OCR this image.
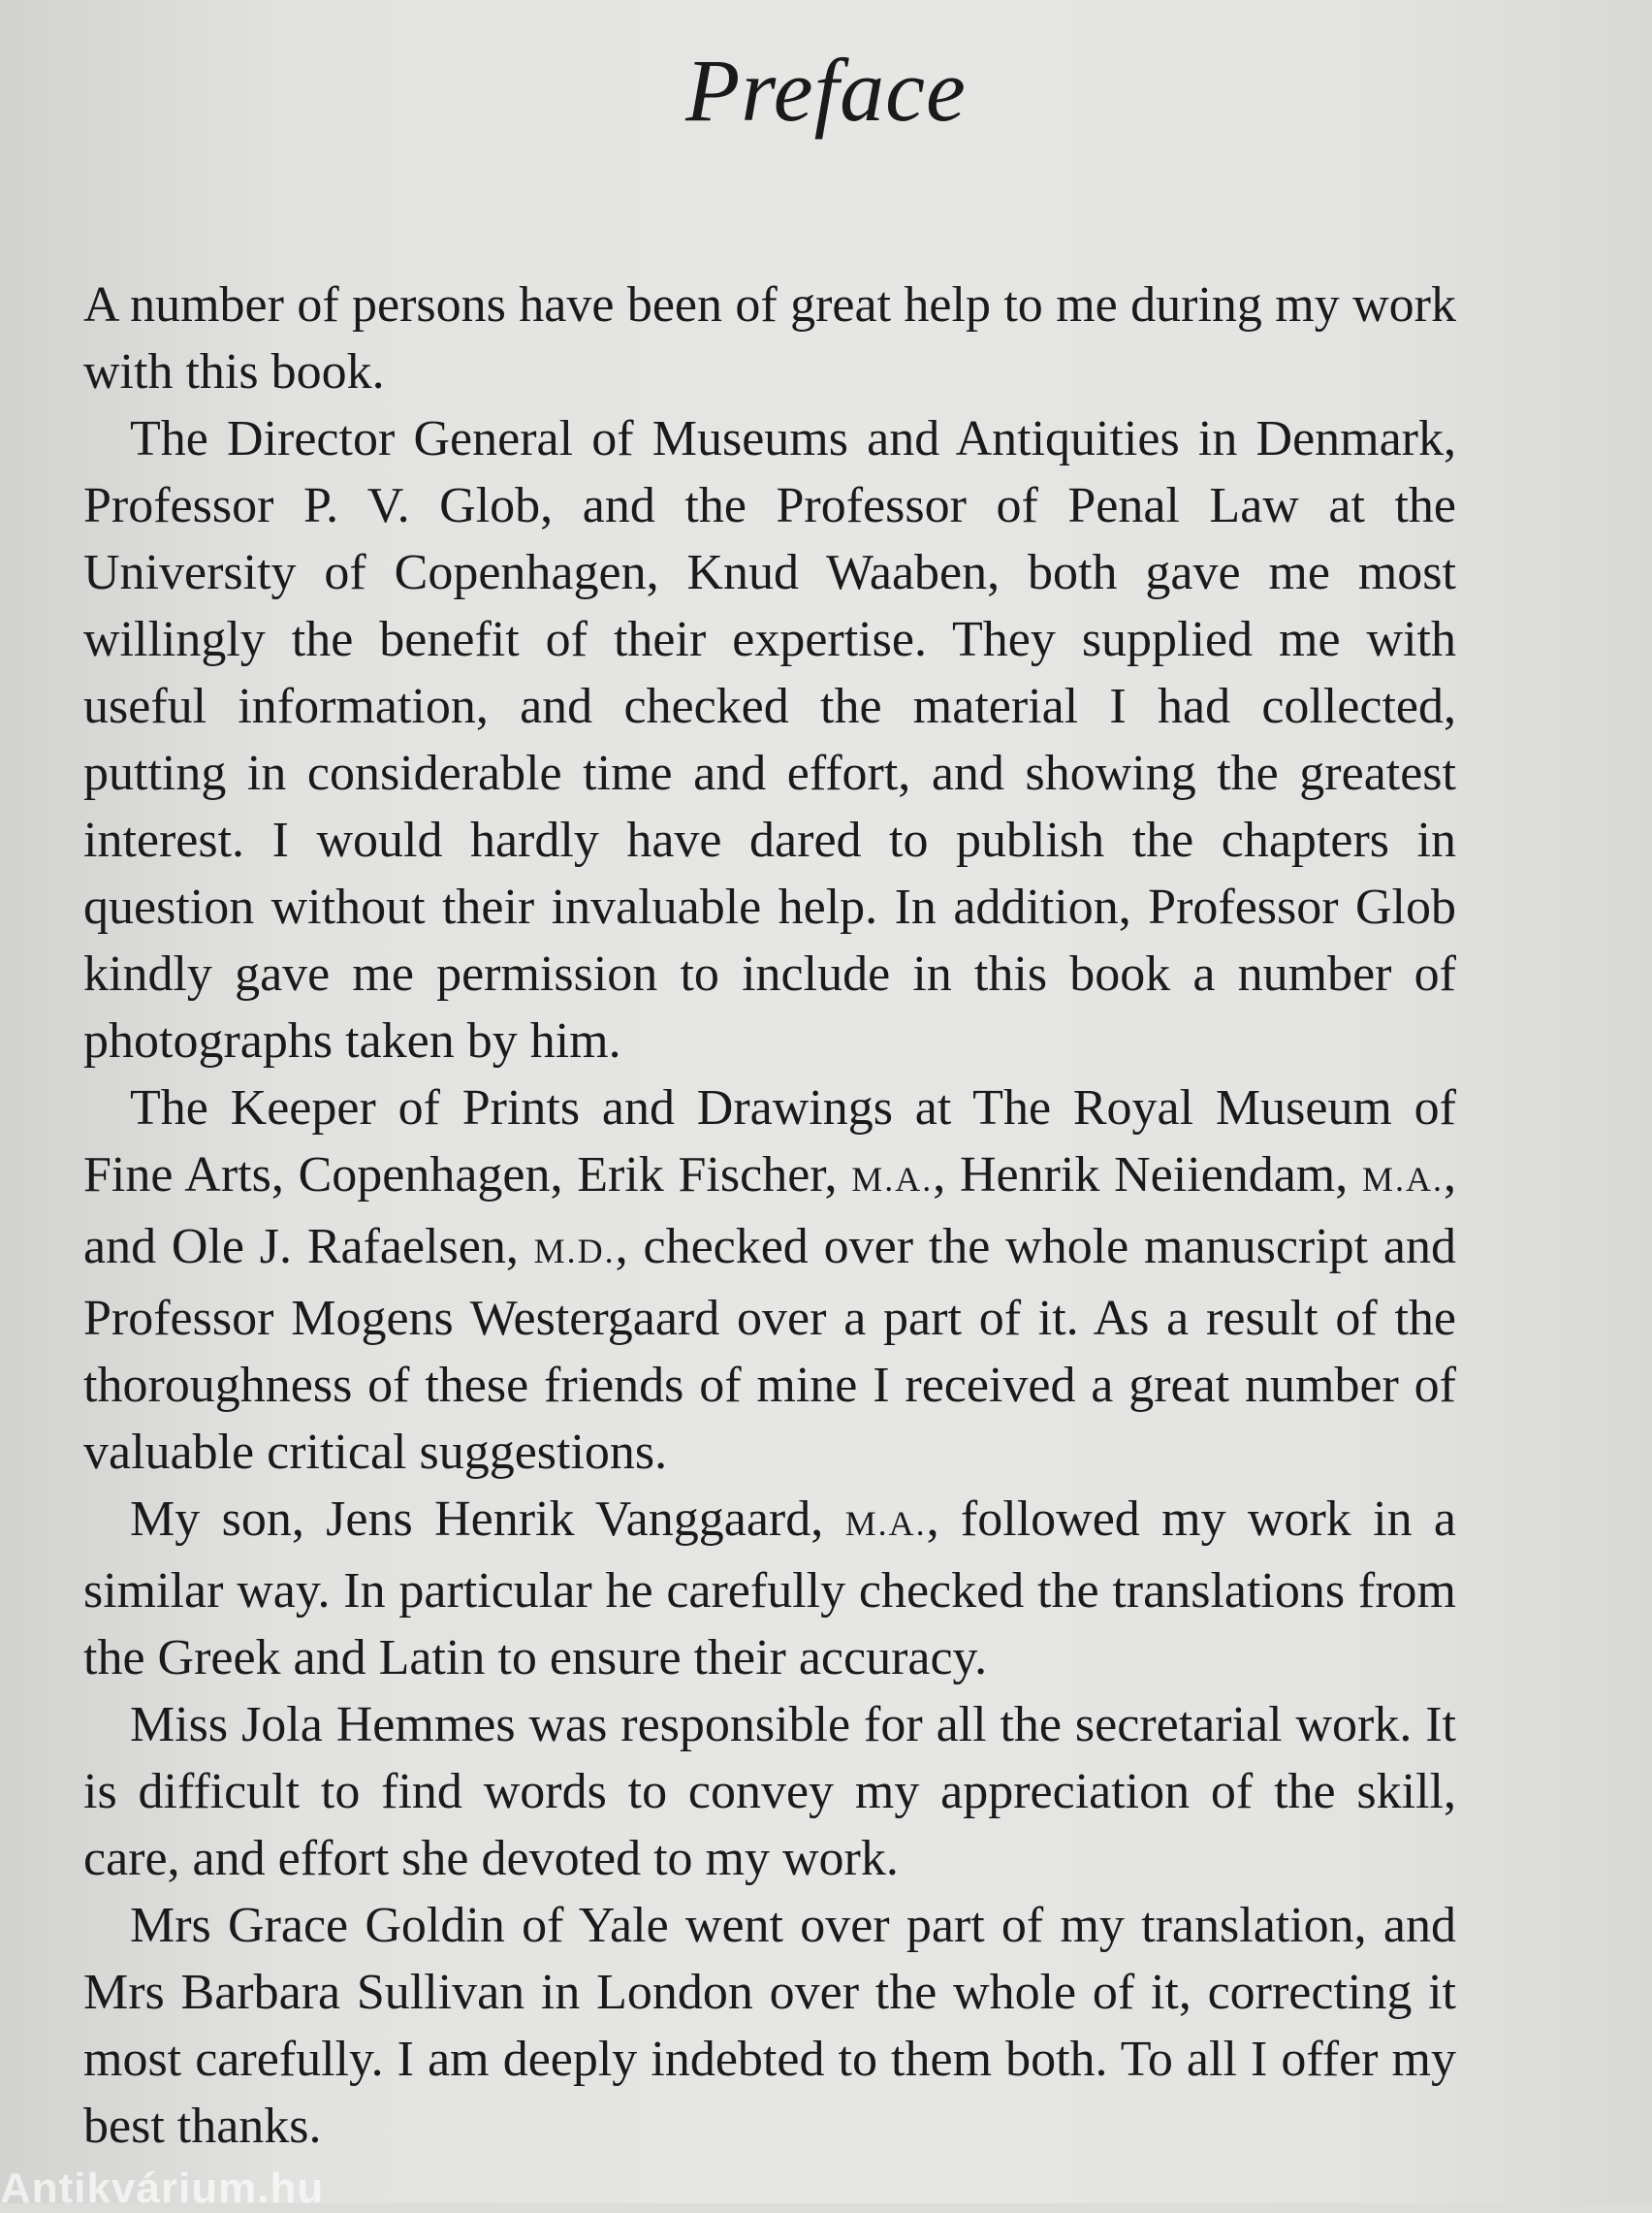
Preface

A number of persons have been of great help to me during my work with this book.

The Director General of Museums and Antiquities in Denmark, Professor P. V. Glob, and the Professor of Penal Law at the University of Copenhagen, Knud Waaben, both gave me most willingly the benefit of their expertise. They supplied me with useful information, and checked the material I had collected, putting in considerable time and effort, and showing the greatest interest. I would hardly have dared to publish the chapters in question without their invaluable help. In addition, Professor Glob kindly gave me permission to include in this book a number of photographs taken by him.

The Keeper of Prints and Drawings at The Royal Museum of Fine Arts, Copenhagen, Erik Fischer, M.A., Henrik Neiiendam, M.A., and Ole J. Rafaelsen, M.D., checked over the whole manuscript and Professor Mogens Westergaard over a part of it. As a result of the thoroughness of these friends of mine I received a great number of valuable critical suggestions.

My son, Jens Henrik Vanggaard, M.A., followed my work in a similar way. In particular he carefully checked the translations from the Greek and Latin to ensure their accuracy.

Miss Jola Hemmes was responsible for all the secretarial work. It is difficult to find words to convey my appreciation of the skill, care, and effort she devoted to my work.

Mrs Grace Goldin of Yale went over part of my translation, and Mrs Barbara Sullivan in London over the whole of it, correcting it most carefully. I am deeply indebted to them both. To all I offer my best thanks.

Antikvárium.hu
